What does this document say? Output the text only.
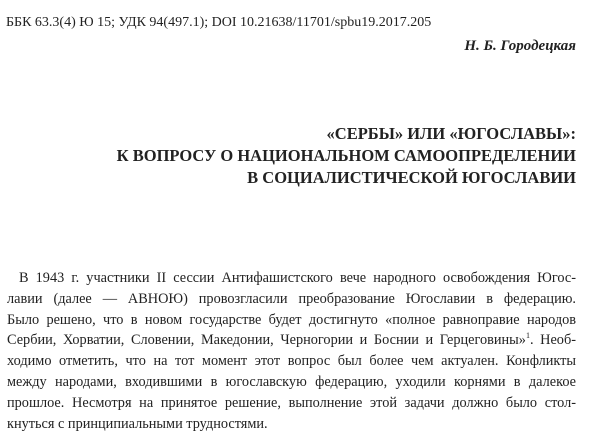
ББК 63.3(4) Ю 15; УДК 94(497.1); DOI 10.21638/11701/spbu19.2017.205
Н. Б. Городецкая
«СЕРБЫ» ИЛИ «ЮГОСЛАВЫ»:
К ВОПРОСУ О НАЦИОНАЛЬНОМ САМООПРЕДЕЛЕНИИ
В СОЦИАЛИСТИЧЕСКОЙ ЮГОСЛАВИИ
В 1943 г. участники II сессии Антифашистского вече народного освобождения Югос-
лавии (далее — АВНОЮ) провозгласили преобразование Югославии в федерацию.
Было решено, что в новом государстве будет достигнуто «полное равноправие народов
Сербии, Хорватии, Словении, Македонии, Черногории и Боснии и Герцеговины»$^1$. Необ-
ходимо отметить, что на тот момент этот вопрос был более чем актуален. Конфликты
между народами, входившими в югославскую федерацию, уходили корнями в далекое
прошлое. Несмотря на принятое решение, выполнение этой задачи должно было стол-
кнуться с принципиальными трудностями.
